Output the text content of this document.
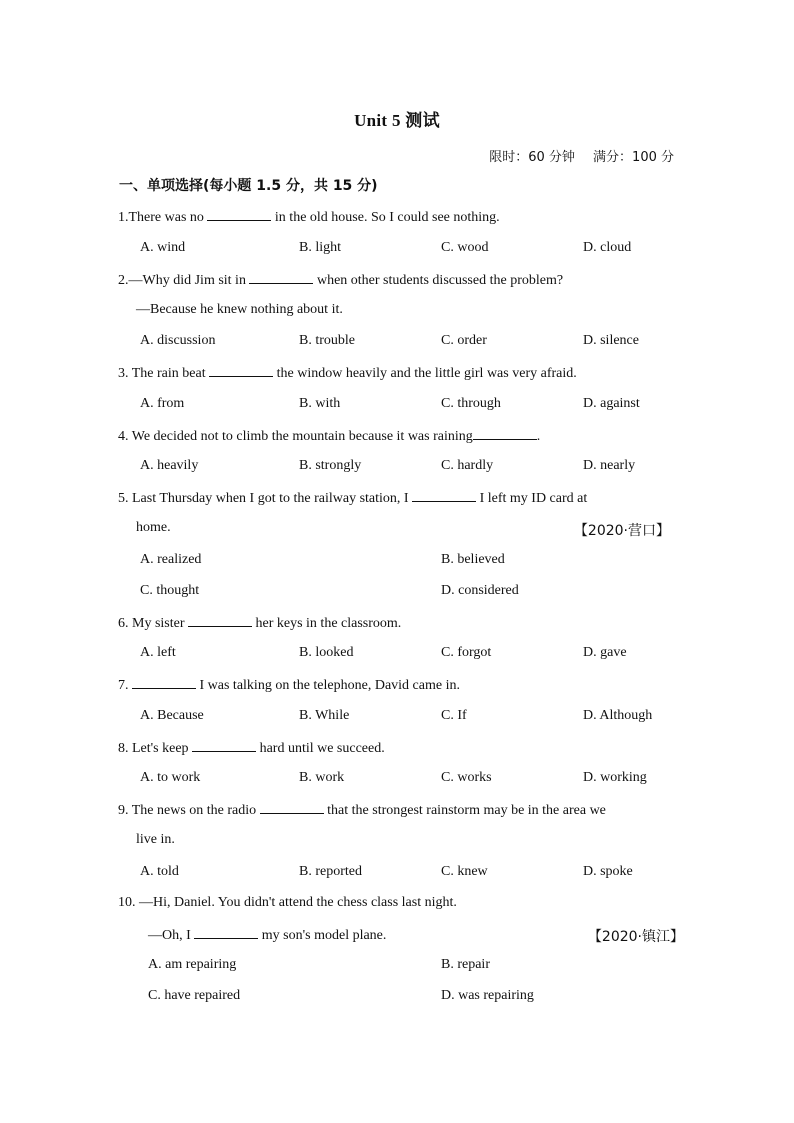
Unit 5 测试
限时：60 分钟 满分：100 分
一、单项选择(每小题 1.5 分，共 15 分)
1.There was no	in the old house. So I could see nothing.
A. wind	B. light	C. wood	D. cloud
2.—Why did Jim sit in	when other students discussed the problem?
—Because he knew nothing about it.
A. discussion	B. trouble	C. order	D. silence
3. The rain beat	the window heavily and the little girl was very afraid.
A. from	B. with	C. through	D. against
4. We decided not to climb the mountain because it was raining	.
A. heavily	B. strongly	C. hardly	D. nearly
5. Last Thursday when I got to the railway station, I	I left my ID card at
home.	【2020·营口】
A. realized	B. believed
C. thought	D. considered
6. My sister	her keys in the classroom.
A. left	B. looked	C. forgot	D. gave
7.	I was talking on the telephone, David came in.
A. Because	B. While	C. If	D. Although
8. Let's keep	hard until we succeed.
A. to work	B. work	C. works	D. working
9. The news on the radio	that the strongest rainstorm may be in the area we
live in.
A. told	B. reported	C. knew	D. spoke
10. —Hi, Daniel. You didn't attend the chess class last night.
—Oh, I	my son's model plane.	【2020·镇江】
A. am repairing	B. repair
C. have repaired	D. was repairing
